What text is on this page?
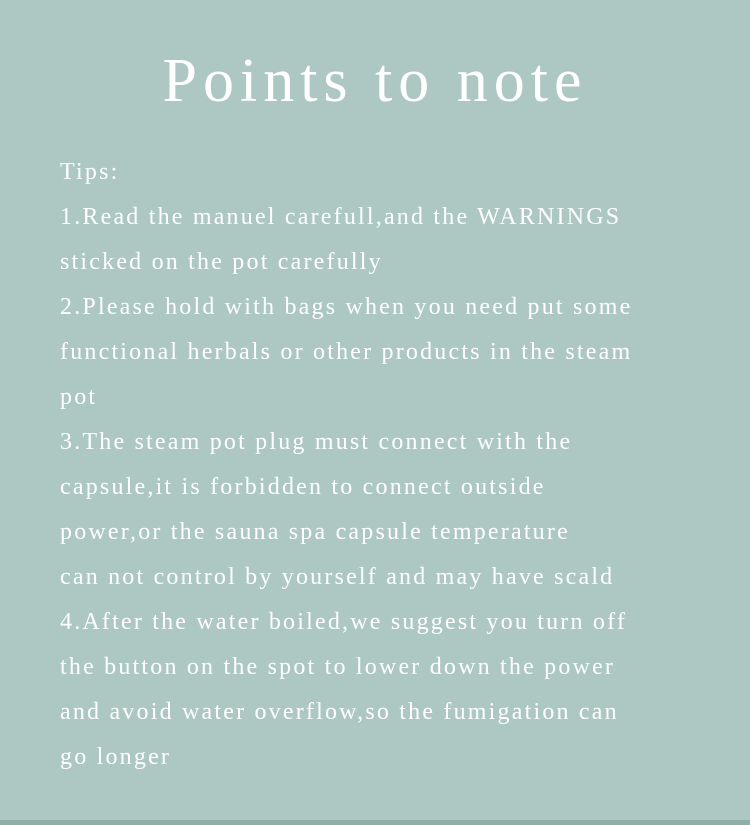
Points to note
Tips:
1.Read the manuel carefull,and the WARNINGS
sticked on the pot carefully
2.Please hold with bags when you need put some
functional herbals or other products in the steam
pot
3.The steam pot plug must connect with the
capsule,it is forbidden to connect outside
power,or the sauna spa capsule temperature
can not control by yourself and may have scald
4.After the water boiled,we suggest you turn off
the button on the spot to lower down the power
and avoid water overflow,so the fumigation can
go longer
